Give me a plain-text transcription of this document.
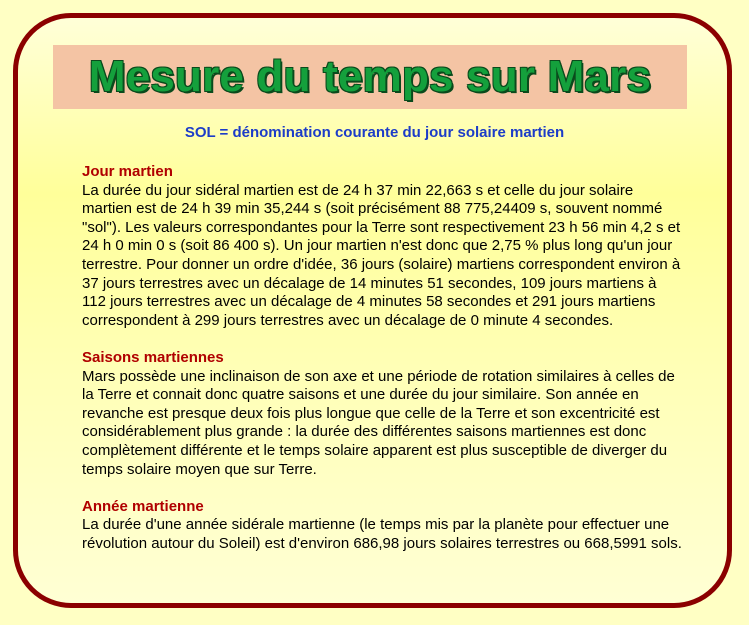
Mesure du temps sur Mars
SOL = dénomination courante du jour solaire martien
Jour martien
La durée du jour sidéral martien est de 24 h 37 min 22,663 s et celle du jour solaire martien est de 24 h 39 min 35,244 s (soit précisément 88 775,24409 s, souvent nommé "sol"). Les valeurs correspondantes pour la Terre sont respectivement 23 h 56 min 4,2 s et 24 h 0 min 0 s (soit 86 400 s). Un jour martien n'est donc que 2,75 % plus long qu'un jour terrestre. Pour donner un ordre d'idée, 36 jours (solaire) martiens correspondent environ à 37 jours terrestres avec un décalage de 14 minutes 51 secondes, 109 jours martiens à 112 jours terrestres avec un décalage de 4 minutes 58 secondes et 291 jours martiens correspondent à 299 jours terrestres avec un décalage de 0 minute 4 secondes.
Saisons martiennes
Mars possède une inclinaison de son axe et une période de rotation similaires à celles de la Terre et connait donc quatre saisons et une durée du jour similaire. Son année en revanche est presque deux fois plus longue que celle de la Terre et son excentricité est considérablement plus grande : la durée des différentes saisons martiennes est donc complètement différente et le temps solaire apparent est plus susceptible de diverger du temps solaire moyen que sur Terre.
Année martienne
La durée d'une année sidérale martienne (le temps mis par la planète pour effectuer une révolution autour du Soleil) est d'environ 686,98 jours solaires terrestres ou 668,5991 sols.
